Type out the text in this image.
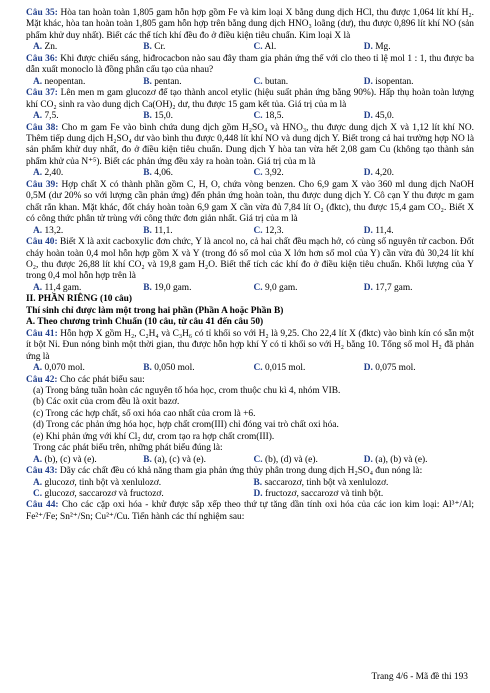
Câu 35: Hòa tan hoàn toàn 1,805 gam hỗn hợp gồm Fe và kim loại X bằng dung dịch HCl, thu được 1,064 lít khí H₂. Mặt khác, hòa tan hoàn toàn 1,805 gam hỗn hợp trên bằng dung dịch HNO₃ loãng (dư), thu được 0,896 lít khí NO (sản phẩm khử duy nhất). Biết các thể tích khí đều đo ở điều kiện tiêu chuẩn. Kim loại X là

A. Zn.	B. Cr.	C. Al.	D. Mg.

Câu 36: Khi được chiếu sáng, hiđrocacbon nào sau đây tham gia phản ứng thế với clo theo tỉ lệ mol 1 : 1, thu được ba dẫn xuất monoclo là đồng phân cấu tạo của nhau?

A. neopentan.	B. pentan.	C. butan.	D. isopentan.

Câu 37: Lên men m gam glucozơ để tạo thành ancol etylic (hiệu suất phản ứng bằng 90%). Hấp thụ hoàn toàn lượng khí CO₂ sinh ra vào dung dịch Ca(OH)₂ dư, thu được 15 gam kết tủa. Giá trị của m là

A. 7,5.	B. 15,0.	C. 18,5.	D. 45,0.

Câu 38: Cho m gam Fe vào bình chứa dung dịch gồm H₂SO₄ và HNO₃, thu được dung dịch X và 1,12 lít khí NO. Thêm tiếp dung dịch H₂SO₄ dư vào bình thu được 0,448 lít khí NO và dung dịch Y. Biết trong cả hai trường hợp NO là sản phẩm khử duy nhất, đo ở điều kiện tiêu chuẩn. Dung dịch Y hòa tan vừa hết 2,08 gam Cu (không tạo thành sản phẩm khử của N⁺⁵). Biết các phản ứng đều xảy ra hoàn toàn. Giá trị của m là

A. 2,40.	B. 4,06.	C. 3,92.	D. 4,20.

Câu 39: Hợp chất X có thành phần gồm C, H, O, chứa vòng benzen. Cho 6,9 gam X vào 360 ml dung dịch NaOH 0,5M (dư 20% so với lượng cần phản ứng) đến phản ứng hoàn toàn, thu được dung dịch Y. Cô cạn Y thu được m gam chất rắn khan. Mặt khác, đốt cháy hoàn toàn 6,9 gam X cần vừa đủ 7,84 lít O₂ (đktc), thu được 15,4 gam CO₂. Biết X có công thức phân tử trùng với công thức đơn giản nhất. Giá trị của m là

A. 13,2.	B. 11,1.	C. 12,3.	D. 11,4.

Câu 40: Biết X là axit cacboxylic đơn chức, Y là ancol no, cả hai chất đều mạch hở, có cùng số nguyên tử cacbon. Đốt cháy hoàn toàn 0,4 mol hỗn hợp gồm X và Y (trong đó số mol của X lớn hơn số mol của Y) cần vừa đủ 30,24 lít khí O₂, thu được 26,88 lít khí CO₂ và 19,8 gam H₂O. Biết thể tích các khí đo ở điều kiện tiêu chuẩn. Khối lượng của Y trong 0,4 mol hỗn hợp trên là

A. 11,4 gam.	B. 19,0 gam.	C. 9,0 gam.	D. 17,7 gam.

II. PHẦN RIÊNG (10 câu)

Thí sinh chỉ được làm một trong hai phần (Phần A hoặc Phần B)

A. Theo chương trình Chuẩn (10 câu, từ câu 41 đến câu 50)

Câu 41: Hỗn hợp X gồm H₂, C₂H₄ và C₃H₆ có tỉ khối so với H₂ là 9,25. Cho 22,4 lít X (đktc) vào bình kín có sẵn một ít bột Ni. Đun nóng bình một thời gian, thu được hỗn hợp khí Y có tỉ khối so với H₂ bằng 10. Tổng số mol H₂ đã phản ứng là

A. 0,070 mol.	B. 0,050 mol.	C. 0,015 mol.	D. 0,075 mol.

Câu 42: Cho các phát biểu sau:

(a) Trong bảng tuần hoàn các nguyên tố hóa học, crom thuộc chu kì 4, nhóm VIB.

(b) Các oxit của crom đều là oxit bazơ.

(c) Trong các hợp chất, số oxi hóa cao nhất của crom là +6.

(d) Trong các phản ứng hóa học, hợp chất crom(III) chỉ đóng vai trò chất oxi hóa.

(e) Khi phản ứng với khí Cl₂ dư, crom tạo ra hợp chất crom(III).

Trong các phát biểu trên, những phát biểu đúng là:

A. (b), (c) và (e).	B. (a), (c) và (e).	C. (b), (d) và (e).	D. (a), (b) và (e).

Câu 43: Dãy các chất đều có khả năng tham gia phản ứng thủy phân trong dung dịch H₂SO₄ đun nóng là:

A. glucozơ, tinh bột và xenlulozơ.	B. saccarozơ, tinh bột và xenlulozơ.
C. glucozơ, saccarozơ và fructozơ.	D. fructozơ, saccarozơ và tinh bột.

Câu 44: Cho các cặp oxi hóa - khử được sắp xếp theo thứ tự tăng dần tính oxi hóa của các ion kim loại: Al³⁺/Al; Fe²⁺/Fe; Sn²⁺/Sn; Cu²⁺/Cu. Tiến hành các thí nghiệm sau:

Trang 4/6 - Mã đề thi 193
